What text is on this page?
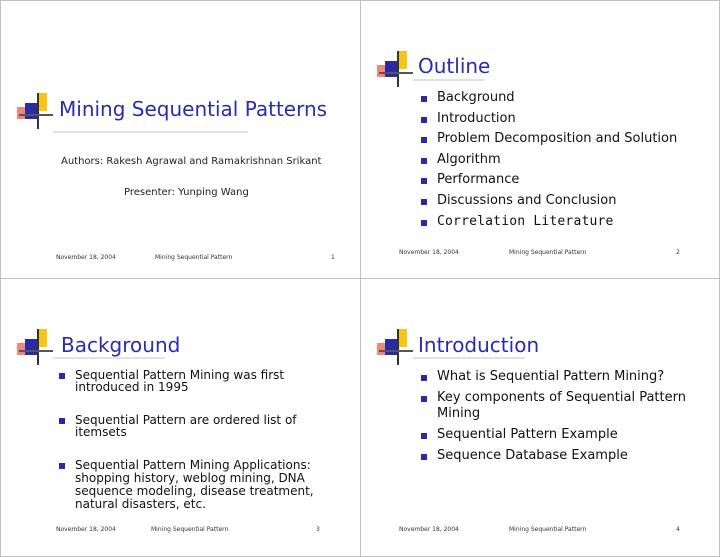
Mining Sequential Patterns
Authors: Rakesh Agrawal and Ramakrishnan Srikant
Presenter: Yunping Wang
November 18, 2004	Mining Sequential Pattern	1
Outline
Background
Introduction
Problem Decomposition and Solution
Algorithm
Performance
Discussions and Conclusion
Correlation Literature
November 18, 2004	Mining Sequential Pattern	2
Background
Sequential Pattern Mining was first introduced in 1995
Sequential Pattern are ordered list of itemsets
Sequential Pattern Mining Applications: shopping history, weblog mining, DNA sequence modeling, disease treatment, natural disasters, etc.
November 18, 2004	Mining Sequential Pattern	3
Introduction
What is Sequential Pattern Mining?
Key components of Sequential Pattern Mining
Sequential Pattern Example
Sequence Database Example
November 18, 2004	Mining Sequential Pattern	4
